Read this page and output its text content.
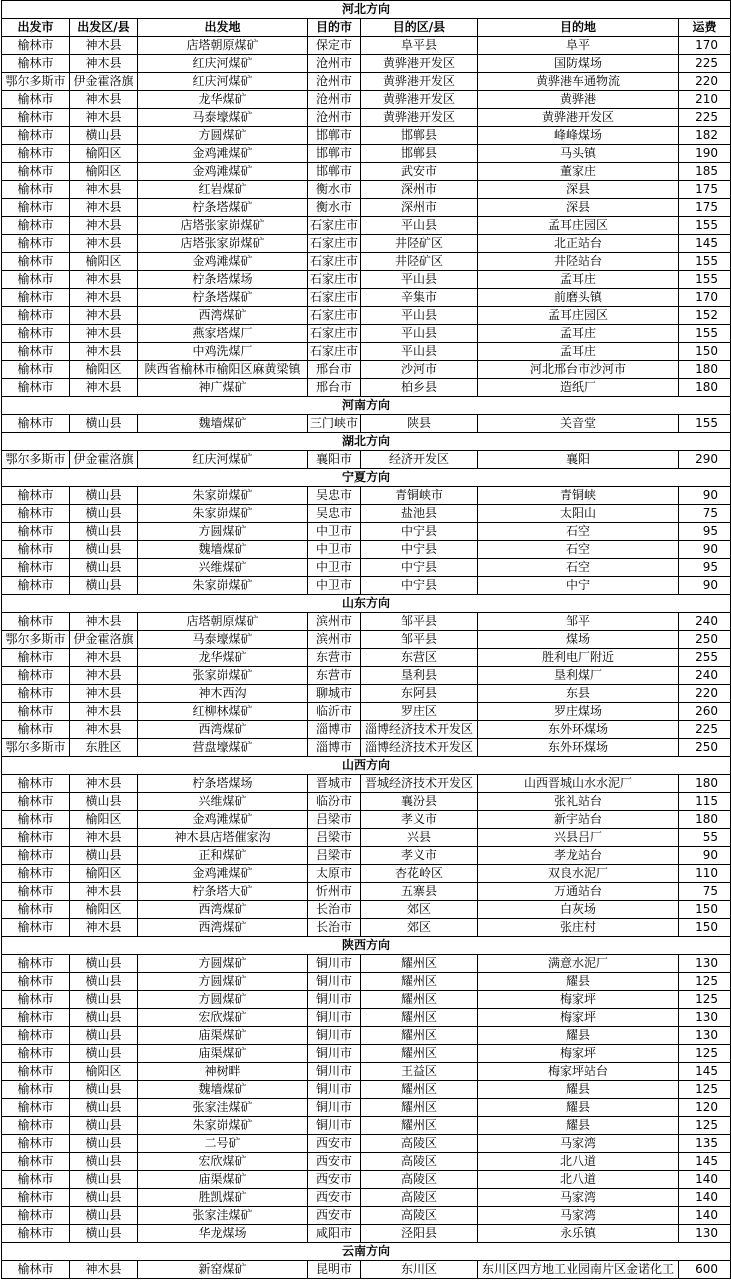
河北方向						
出发市	出发区/县	出发地	目的市	目的区/县	目的地	运费
榆林市	神木县	店塔朝原煤矿	保定市	阜平县	阜平	170
榆林市	神木县	红庆河煤矿	沧州市	黄骅港开发区	国防煤场	225
鄂尔多斯市	伊金霍洛旗	红庆河煤矿	沧州市	黄骅港开发区	黄骅港车通物流	220
榆林市	神木县	龙华煤矿	沧州市	黄骅港开发区	黄骅港	210
榆林市	神木县	马泰壕煤矿	沧州市	黄骅港开发区	黄骅港开发区	225
榆林市	横山县	方圆煤矿	邯郸市	邯郸县	峰峰煤场	182
榆林市	榆阳区	金鸡滩煤矿	邯郸市	邯郸县	马头镇	190
榆林市	榆阳区	金鸡滩煤矿	邯郸市	武安市	董家庄	185
榆林市	神木县	红岩煤矿	衡水市	深州市	深县	175
榆林市	神木县	柠条塔煤矿	衡水市	深州市	深县	175
榆林市	神木县	店塔张家峁煤矿	石家庄市	平山县	孟耳庄园区	155
榆林市	神木县	店塔张家峁煤矿	石家庄市	井陉矿区	北正站台	145
榆林市	榆阳区	金鸡滩煤矿	石家庄市	井陉矿区	井陉站台	155
榆林市	神木县	柠条塔煤场	石家庄市	平山县	孟耳庄	155
榆林市	神木县	柠条塔煤矿	石家庄市	辛集市	前磨头镇	170
榆林市	神木县	西湾煤矿	石家庄市	平山县	孟耳庄园区	152
榆林市	神木县	燕家塔煤厂	石家庄市	平山县	孟耳庄	155
榆林市	神木县	中鸡洗煤厂	石家庄市	平山县	孟耳庄	150
榆林市	榆阳区	陕西省榆林市榆阳区麻黄梁镇	邢台市	沙河市	河北邢台市沙河市	180
榆林市	神木县	神广煤矿	邢台市	柏乡县	造纸厂	180
河南方向						
榆林市	横山县	魏墙煤矿	三门峡市	陕县	关音堂	155
湖北方向						
鄂尔多斯市	伊金霍洛旗	红庆河煤矿	襄阳市	经济开发区	襄阳	290
宁夏方向						
榆林市	横山县	朱家峁煤矿	吴忠市	青铜峡市	青铜峡	90
榆林市	横山县	朱家峁煤矿	吴忠市	盐池县	太阳山	75
榆林市	横山县	方圆煤矿	中卫市	中宁县	石空	95
榆林市	横山县	魏墙煤矿	中卫市	中宁县	石空	90
榆林市	横山县	兴维煤矿	中卫市	中宁县	石空	95
榆林市	横山县	朱家峁煤矿	中卫市	中宁县	中宁	90
山东方向						
榆林市	神木县	店塔朝原煤矿	滨州市	邹平县	邹平	240
鄂尔多斯市	伊金霍洛旗	马泰壕煤矿	滨州市	邹平县	煤场	250
榆林市	神木县	龙华煤矿	东营市	东营区	胜利电厂附近	255
榆林市	神木县	张家峁煤矿	东营市	垦利县	垦利煤厂	240
榆林市	神木县	神木西沟	聊城市	东阿县	东县	220
榆林市	神木县	红柳林煤矿	临沂市	罗庄区	罗庄煤场	260
榆林市	神木县	西湾煤矿	淄博市	淄博经济技术开发区	东外环煤场	225
鄂尔多斯市	东胜区	营盘壕煤矿	淄博市	淄博经济技术开发区	东外环煤场	250
山西方向						
榆林市	神木县	柠条塔煤场	晋城市	晋城经济技术开发区	山西晋城山水水泥厂	180
榆林市	横山县	兴维煤矿	临汾市	襄汾县	张礼站台	115
榆林市	榆阳区	金鸡滩煤矿	吕梁市	孝义市	新宇站台	180
榆林市	神木县	神木县店塔催家沟	吕梁市	兴县	兴县吕厂	55
榆林市	横山县	正和煤矿	吕梁市	孝义市	孝龙站台	90
榆林市	榆阳区	金鸡滩煤矿	太原市	杏花岭区	双良水泥厂	110
榆林市	神木县	柠条塔大矿	忻州市	五寨县	万通站台	75
榆林市	榆阳区	西湾煤矿	长治市	郊区	白灰场	150
榆林市	神木县	西湾煤矿	长治市	郊区	张庄村	150
陕西方向						
榆林市	横山县	方圆煤矿	铜川市	耀州区	满意水泥厂	130
榆林市	横山县	方圆煤矿	铜川市	耀州区	耀县	125
榆林市	横山县	方圆煤矿	铜川市	耀州区	梅家坪	125
榆林市	横山县	宏欣煤矿	铜川市	耀州区	梅家坪	130
榆林市	横山县	庙渠煤矿	铜川市	耀州区	耀县	130
榆林市	横山县	庙渠煤矿	铜川市	耀州区	梅家坪	125
榆林市	榆阳区	神树畔	铜川市	王益区	梅家坪站台	145
榆林市	横山县	魏墙煤矿	铜川市	耀州区	耀县	125
榆林市	横山县	张家洼煤矿	铜川市	耀州区	耀县	120
榆林市	横山县	朱家峁煤矿	铜川市	耀州区	耀县	125
榆林市	横山县	二号矿	西安市	高陵区	马家湾	135
榆林市	横山县	宏欣煤矿	西安市	高陵区	北八道	145
榆林市	横山县	庙渠煤矿	西安市	高陵区	北八道	140
榆林市	横山县	胜凯煤矿	西安市	高陵区	马家湾	140
榆林市	横山县	张家洼煤矿	西安市	高陵区	马家湾	140
榆林市	横山县	华龙煤场	咸阳市	泾阳县	永乐镇	130
云南方向						
榆林市	神木县	新窑煤矿	昆明市	东川区	东川区四方地工业园南片区金诺化工	600
